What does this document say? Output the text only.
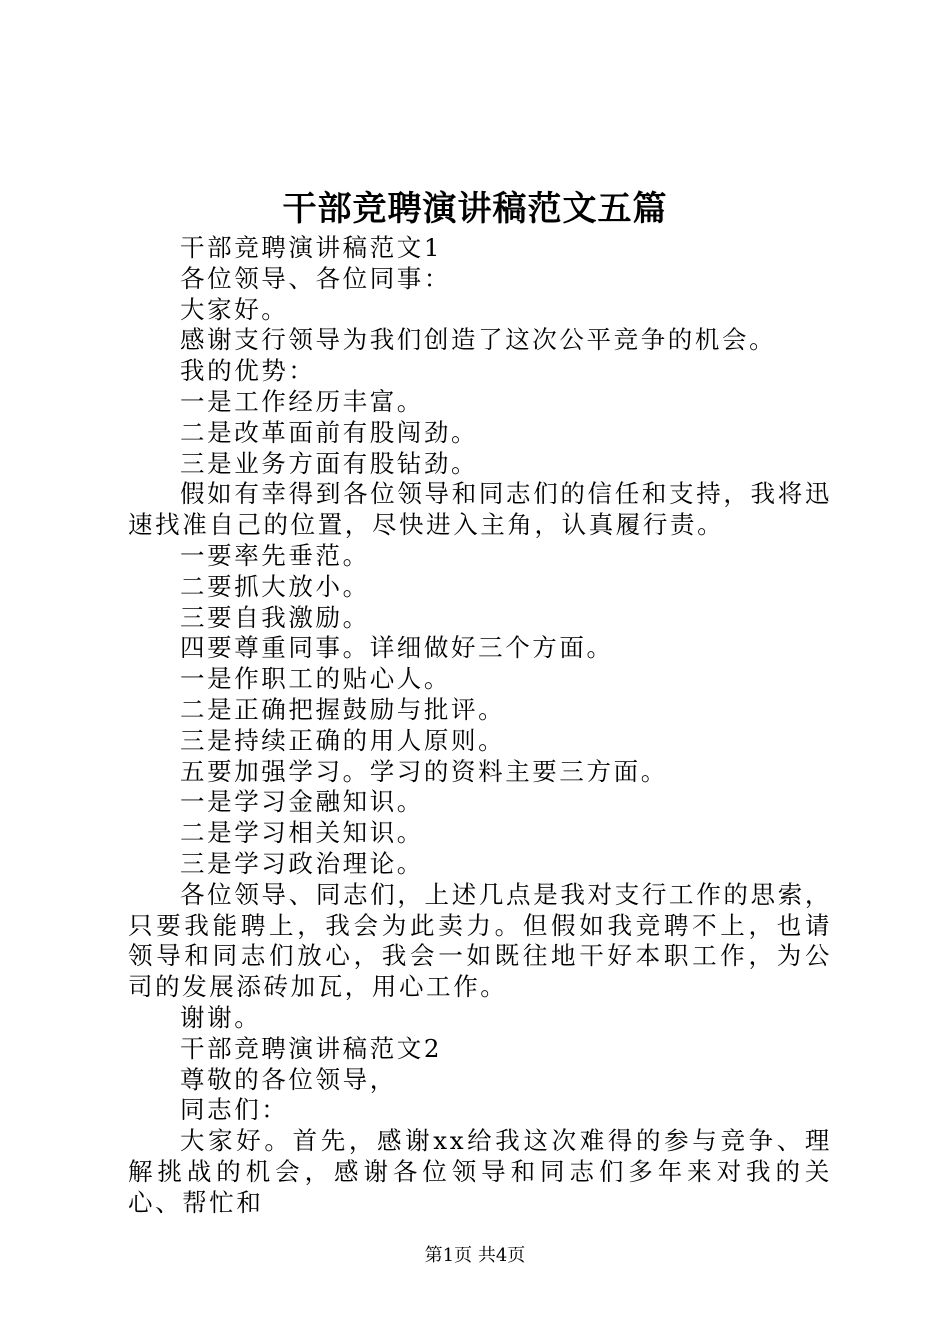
干部竞聘演讲稿范文五篇

干部竞聘演讲稿范文1

各位领导、各位同事：

大家好。

感谢支行领导为我们创造了这次公平竞争的机会。

我的优势：

一是工作经历丰富。

二是改革面前有股闯劲。

三是业务方面有股钻劲。

假如有幸得到各位领导和同志们的信任和支持，我将迅速找准自己的位置，尽快进入主角，认真履行责。

一要率先垂范。

二要抓大放小。

三要自我激励。

四要尊重同事。详细做好三个方面。

一是作职工的贴心人。

二是正确把握鼓励与批评。

三是持续正确的用人原则。

五要加强学习。学习的资料主要三方面。

一是学习金融知识。

二是学习相关知识。

三是学习政治理论。

各位领导、同志们，上述几点是我对支行工作的思索，只要我能聘上，我会为此卖力。但假如我竞聘不上，也请领导和同志们放心，我会一如既往地干好本职工作，为公司的发展添砖加瓦，用心工作。

谢谢。

干部竞聘演讲稿范文2

尊敬的各位领导，

同志们：

大家好。首先，感谢xx给我这次难得的参与竞争、理解挑战的机会，感谢各位领导和同志们多年来对我的关心、帮忙和

第1页 共4页
